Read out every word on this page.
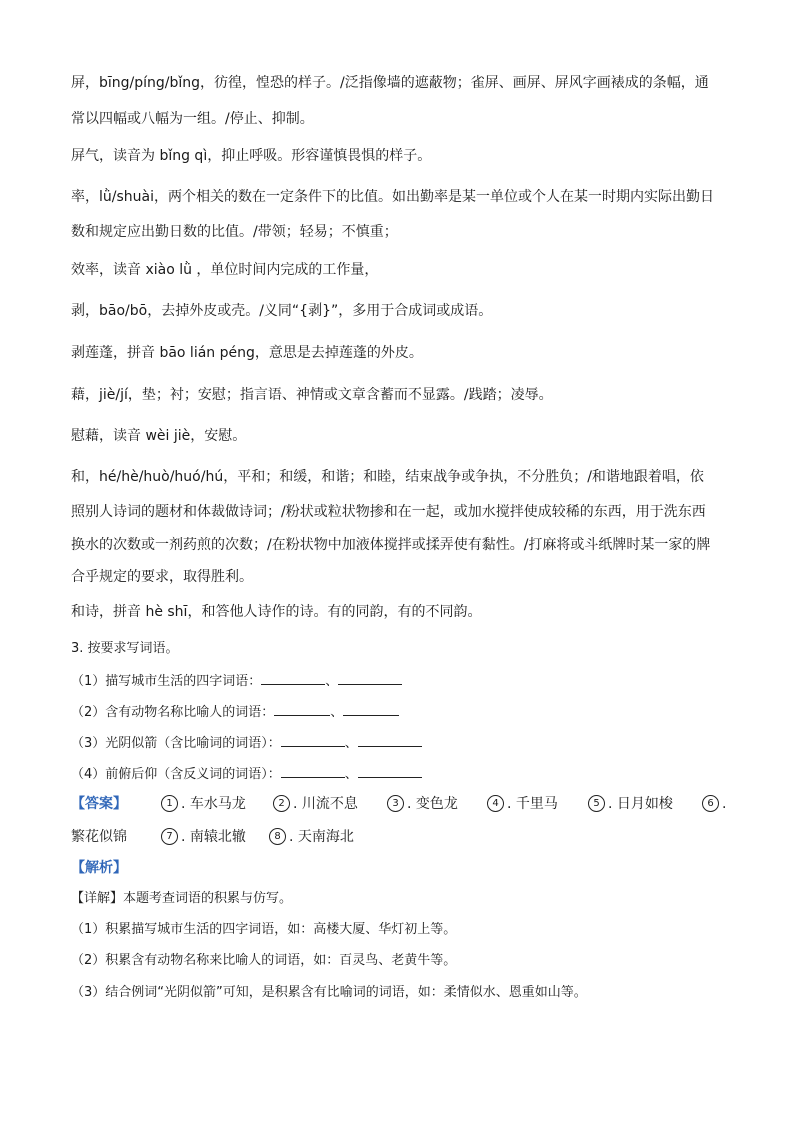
屏，bīng/píng/bǐng，彷徨，惶恐的样子。/泛指像墙的遮蔽物；雀屏、画屏、屏风字画裱成的条幅，通
常以四幅或八幅为一组。/停止、抑制。
屏气，读音为 bǐng qì，抑止呼吸。形容谨慎畏惧的样子。
率，lǜ/shuài，两个相关的数在一定条件下的比值。如出勤率是某一单位或个人在某一时期内实际出勤日
数和规定应出勤日数的比值。/带领；轻易；不慎重；
效率，读音 xiào lǜ ，单位时间内完成的工作量，
剥，bāo/bō，去掉外皮或壳。/义同“{剥}”，多用于合成词或成语。
剥莲蓬，拼音 bāo lián péng，意思是去掉莲蓬的外皮。
藉，jiè/jí，垫；衬；安慰；指言语、神情或文章含蓄而不显露。/践踏；凌辱。
慰藉，读音 wèi jiè，安慰。
和，hé/hè/huò/huó/hú，平和；和缓，和谐；和睦，结束战争或争执，不分胜负；/和谐地跟着唱，依
照别人诗词的题材和体裁做诗词；/粉状或粒状物掺和在一起，或加水搅拌使成较稀的东西，用于洗东西
换水的次数或一剂药煎的次数；/在粉状物中加液体搅拌或揉弄使有黏性。/打麻将或斗纸牌时某一家的牌
合乎规定的要求，取得胜利。
和诗，拼音 hè shī，和答他人诗作的诗。有的同韵，有的不同韵。
3. 按要求写词语。
（1）描写城市生活的四字词语：	、
（2）含有动物名称比喻人的词语：	、
（3）光阴似箭（含比喻词的词语）：	、
（4）前俯后仰（含反义词的词语）：	、
【答案】	1 . 车水马龙	2 . 川流不息	3 . 变色龙	4 . 千里马	5 . 日月如梭	6 .
繁花似锦	7 . 南辕北辙	8 . 天南海北
【解析】
【详解】本题考查词语的积累与仿写。
（1）积累描写城市生活的四字词语，如：高楼大厦、华灯初上等。
（2）积累含有动物名称来比喻人的词语，如：百灵鸟、老黄牛等。
（3）结合例词“光阴似箭”可知，是积累含有比喻词的词语，如：柔情似水、恩重如山等。
